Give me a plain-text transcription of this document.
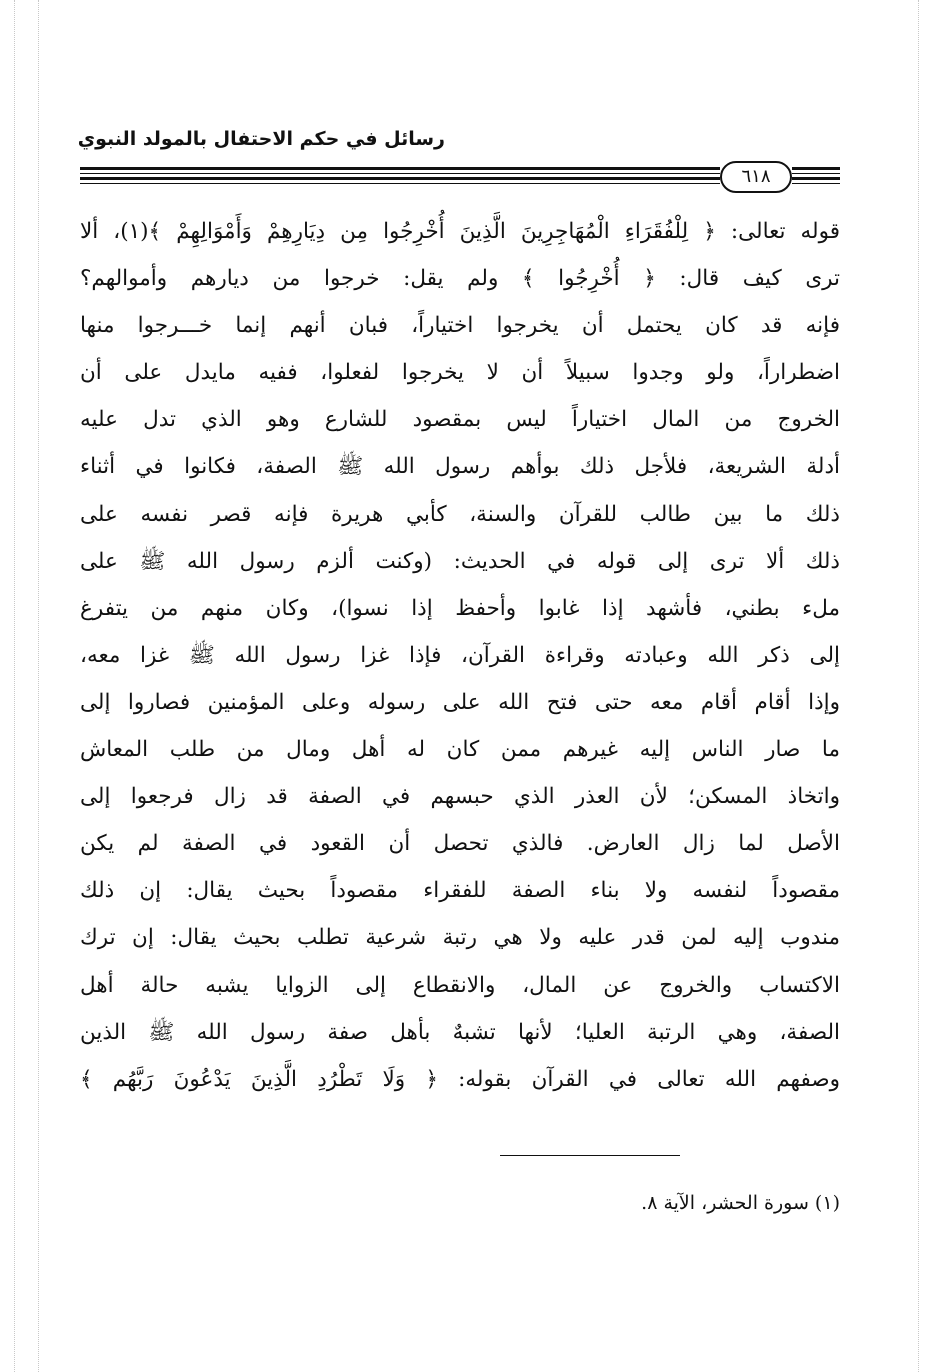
رسائل في حكم الاحتفال بالمولد النبوي
٦١٨
قوله تعالى: ﴿ لِلْفُقَرَاءِ الْمُهَاجِرِينَ الَّذِينَ أُخْرِجُوا مِن دِيَارِهِمْ وَأَمْوَالِهِمْ ﴾(١)، ألا
ترى كيف قال: ﴿ أُخْرِجُوا ﴾ ولم يقل: خرجوا من ديارهم وأموالهم؟
فإنه قد كان يحتمل أن يخرجوا اختياراً، فبان أنهم إنما خـــرجوا منها
اضطراراً، ولو وجدوا سبيلاً أن لا يخرجوا لفعلوا، ففيه مايدل على أن
الخروج من المال اختياراً ليس بمقصود للشارع وهو الذي تدل عليه
أدلة الشريعة، فلأجل ذلك بوأهم رسول الله ﷺ الصفة، فكانوا في أثناء
ذلك ما بين طالب للقرآن والسنة، كأبي هريرة فإنه قصر نفسه على
ذلك ألا ترى إلى قوله في الحديث: (وكنت ألزم رسول الله ﷺ على
ملء بطني، فأشهد إذا غابوا وأحفظ إذا نسوا)، وكان منهم من يتفرغ
إلى ذكر الله وعبادته وقراءة القرآن، فإذا غزا رسول الله ﷺ غزا معه،
وإذا أقام أقام معه حتى فتح الله على رسوله وعلى المؤمنين فصاروا إلى
ما صار الناس إليه غيرهم ممن كان له أهل ومال من طلب المعاش
واتخاذ المسكن؛ لأن العذر الذي حبسهم في الصفة قد زال فرجعوا إلى
الأصل لما زال العارض. فالذي تحصل أن القعود في الصفة لم يكن
مقصوداً لنفسه ولا بناء الصفة للفقراء مقصوداً بحيث يقال: إن ذلك
مندوب إليه لمن قدر عليه ولا هي رتبة شرعية تطلب بحيث يقال: إن ترك
الاكتساب والخروج عن المال، والانقطاع إلى الزوايا يشبه حالة أهل
الصفة، وهي الرتبة العليا؛ لأنها تشبهٌ بأهل صفة رسول الله ﷺ الذين
وصفهم الله تعالى في القرآن بقوله: ﴿ وَلَا تَطْرُدِ الَّذِينَ يَدْعُونَ رَبَّهُم ﴾
(١) سورة الحشر، الآية ٨.
